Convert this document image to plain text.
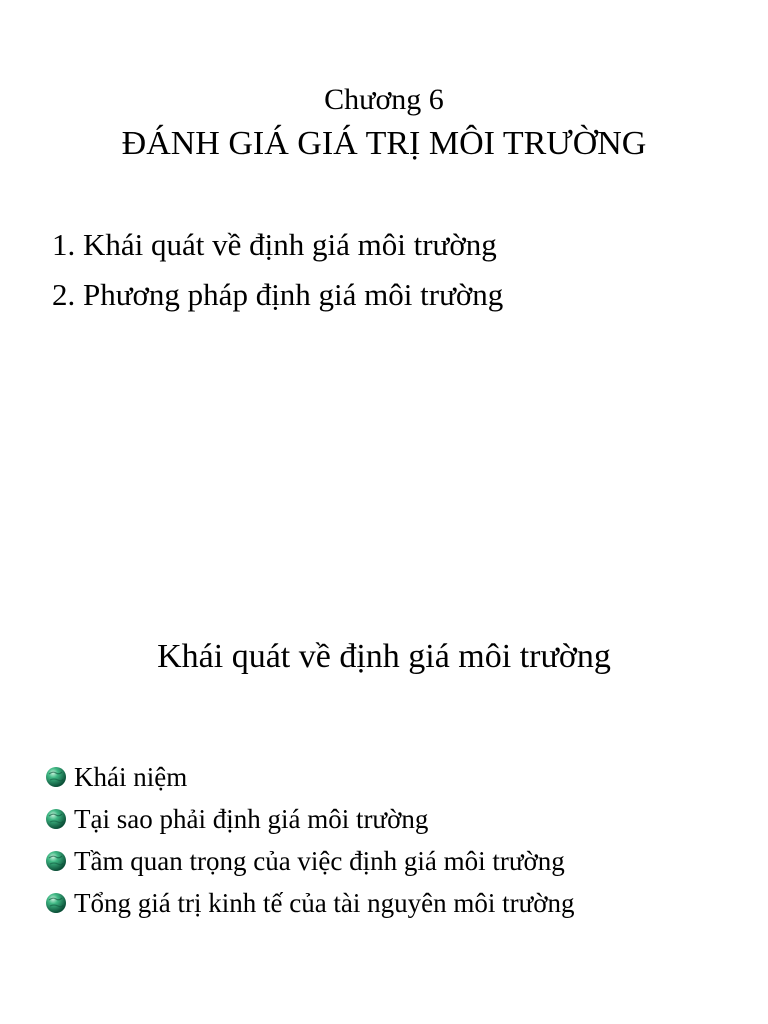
Chương 6
ĐÁNH GIÁ GIÁ TRỊ MÔI TRƯỜNG
1. Khái quát về định giá môi trường
2. Phương pháp định giá môi trường
Khái quát về định giá môi trường
Khái niệm
Tại sao phải định giá môi trường
Tầm quan trọng của việc định giá môi trường
Tổng giá trị kinh tế của tài nguyên môi trường
